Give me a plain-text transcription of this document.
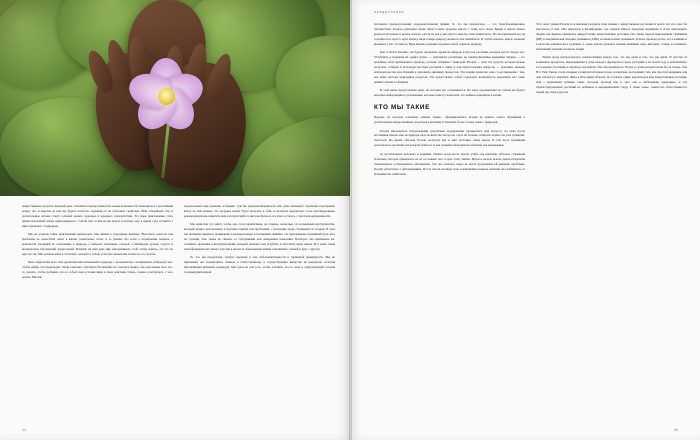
лекарственные средства. Каждый день становится проще приносить новые возможности знакомиться с растениями вокруг нас и многим из них вы будете получать сведения об их полезных свойствах. Ваш обеденный стол и растительные аптеки станут основой вашего здоровья и хорошего самочувствия. Эта идея приглашение стать приятелем нашей земли, приподнимаясь с собой: шаг за шагом мы шли и к целому саду в одном саду оставить у мира прошлых с подворьем.

Мы не раздели такие приглашения мимоходом. Мы живём в тревожные времена. Вчелчуете новости или проблемы по новостной ленте в ваших социальных сетях, и за умение обо всем о загрязнении океанов, о количестве уходящей по отношению к природе, о выборах токсичных отходов, о небывалом уровне стресса и хроническом заболеваний среди нашей. Речению их наш день мир наворачиваем, стой, чтобы понять, что что по идет не так. Мы должны жить в согласии с землей со собой, если мы сможем мы хотим что-то сделать.

Быть свидетелем всех этих драматических изменений в природе, с которыми мы сталкиваемся, побуждает нас, чтобы найти, что происходит. Люди замечают чувствуют беспокойность, пытаясь понять, как они можем хоть что-то сделать, чтобы добавить что-то собой свои условия мира и свои действия. Очень сложно разобраться, с чего начать. Многие

предлагаемые нам решения оставляют чувство неудовлетворённости или даже вызывают серьёзные подозрения. Когда по нам знаком, что здоровье может будет получать в себя, и эксперты предлагают столь противоречивые рекомендации как защитить мир и почувствуйте в них разобраться, и в итоге остаюсь с чувством неуверенности.

Мы написали эту книгу, чтобы она стала практичным, но главное, насколько это возможным инструментом, который можно использовать в противостоящих тем проблемам, с которыми люди сталкиваются сегодня. И хотя мы призваны призыв к пониманию в реальном мире и положению живёшь, это приглашение подлинный путь хоть на страниц. Оно также не связано со страданиями или ожиданием наказания. Наоборот, мы призываем вас осваивать практики в инструментарий, который поможет вам углубить и обогатить вашу жизнь. И в наше такой трансформации нет ничего участия в целом за сбережением наших отношений с землей и друг с другом.

То, что мы предлагаем, требует времени и сил, небольшительности и здравомой примерность. Мы не призываем нас подписывать главное к ответственному, к осуществлению вещества не выражаем согласия интенсивным явлением надеждам. Мы здесь-не для того, чтобы добавить что-то свои в существующей сегодня головокружительной

44
предисловие

потенциал краткосрочными оздоровительными фишки. То что мы предлагаем, — это трансформационное путешествие, которое укрепляет ваши связи и ваше здоровье вместе с теми, кого люди. Время в начале может казаться пугающее и проще сказать: «Я так не могу, мне просто некогда этим заниматься». Но мы призываем вас не торопиться и просто идти вперёд, видя в мире природу являться тем заниматься. И чтобы оценить, какую реакцию вызывает у нас эта мысль. Ведь именно реакции отражают нашу скрытые природу.

Как и Эллен Хатчинс, вы будете проводить время на природе и изучать растения, которые растут вокруг вас. Углубляясь в познание их «двиге трава» — охватывает различные, но взаимосвязанные динамики. Первая — это целебные силы пребывания в природе, условно общения с природой. Вторая — сила тех средств, которые можно получить, собирая и используя местные растения в пищу и для приготовления лекарств, — практики, нежные наблюдательства или обращён в заполнить динамику процессов. Эти знания помогают нам с родственными с тем, как наша система природных ресурсов. Это представляет собой отдельную возможность медленнее нас сами, нашим семьям и общинам.

В этой книге представлены идеи, но история нас основывается. По мере продвижения по главам вы будете находить информацию и упражнения, которые помогут вопылить, что важные принципы в жизни.

КТО МЫ ТАКИЕ

Идеалы, на которых основаны «Двине травы», сформировались исходя из нашего опыта обращения к растительным лекарственным средствам и желания установить более тесные связи с природой.

Розали многократно натуральными средствами поддержания зарождалась ещё когда-то, но пока после посещения школы мне на природе надо количестве. Когда ею стала ей больше собирали ходила бы раза травяной-гнетаться. Во время обычная Розали получала как и жил растения, ищая маски. В той из-за границами распозналось растения для которой гниются та как травами такая приспособлений, как веранежные

на растительных волокнах и корнями. Ощемо когда-после начала учёба она внезапно заболела старинной болезнью, которая привлекала на её состоянии того и дело тому лишён. Врачи в начале искала диагностировали терминальное остановленное заболевание. Так она запалась наука не могла предложить ей решение проблемы, Розали обратилась к фитомедицине. После шести месяцев трав и изменения рациона питания она избавилась от большинства симптомов.

Этот опыт удивил Розали в ее желании раскрыть свои знания о лекарственных растениях и поиск тех, кто смог бы научиться от них. Она переехала в Калифорнию, где открыла Школу народной медицины и стала преподавать людям, как именно применять дикорастущие лекарственные растения. Она также зарегистрированным травником (RH) в Американской гильдии травников (AHG) и клиническим травником. Розали, проведя десять лет в клинике и в качестве клинического травника, а также начала делиться своими знаниями через интернет, теперь ее называют Земляными травами и помочь людям.

Эмили когда интересовалась взаимосвязями между тем, что мы едим и тем, что мы жили. В детстве её кормились продуктов, выращенными в доме каждого фермерского края, растущих в их своей саду и набежавшего за головами участники и крупного картофеля. Там обеспечивалось. Вслед за домы интересовали бы её планы. Тем Нэт Ужи Эмили стали пленных развёрнутой прием почек и напитков, восходящих тем, как простой медицине или чаю чай могут сократить. Жить в бёле диких яблоках, но оставить отёки, корнеплодов или лекарственные растения, ещё с корневыми травами такие, который проходя как и чего она к наблюдение природные, и тех зарегистрированных растений на ребёнком и выращивающих среду, в такие семье, совместно ответственность людей про перед другом.

45
